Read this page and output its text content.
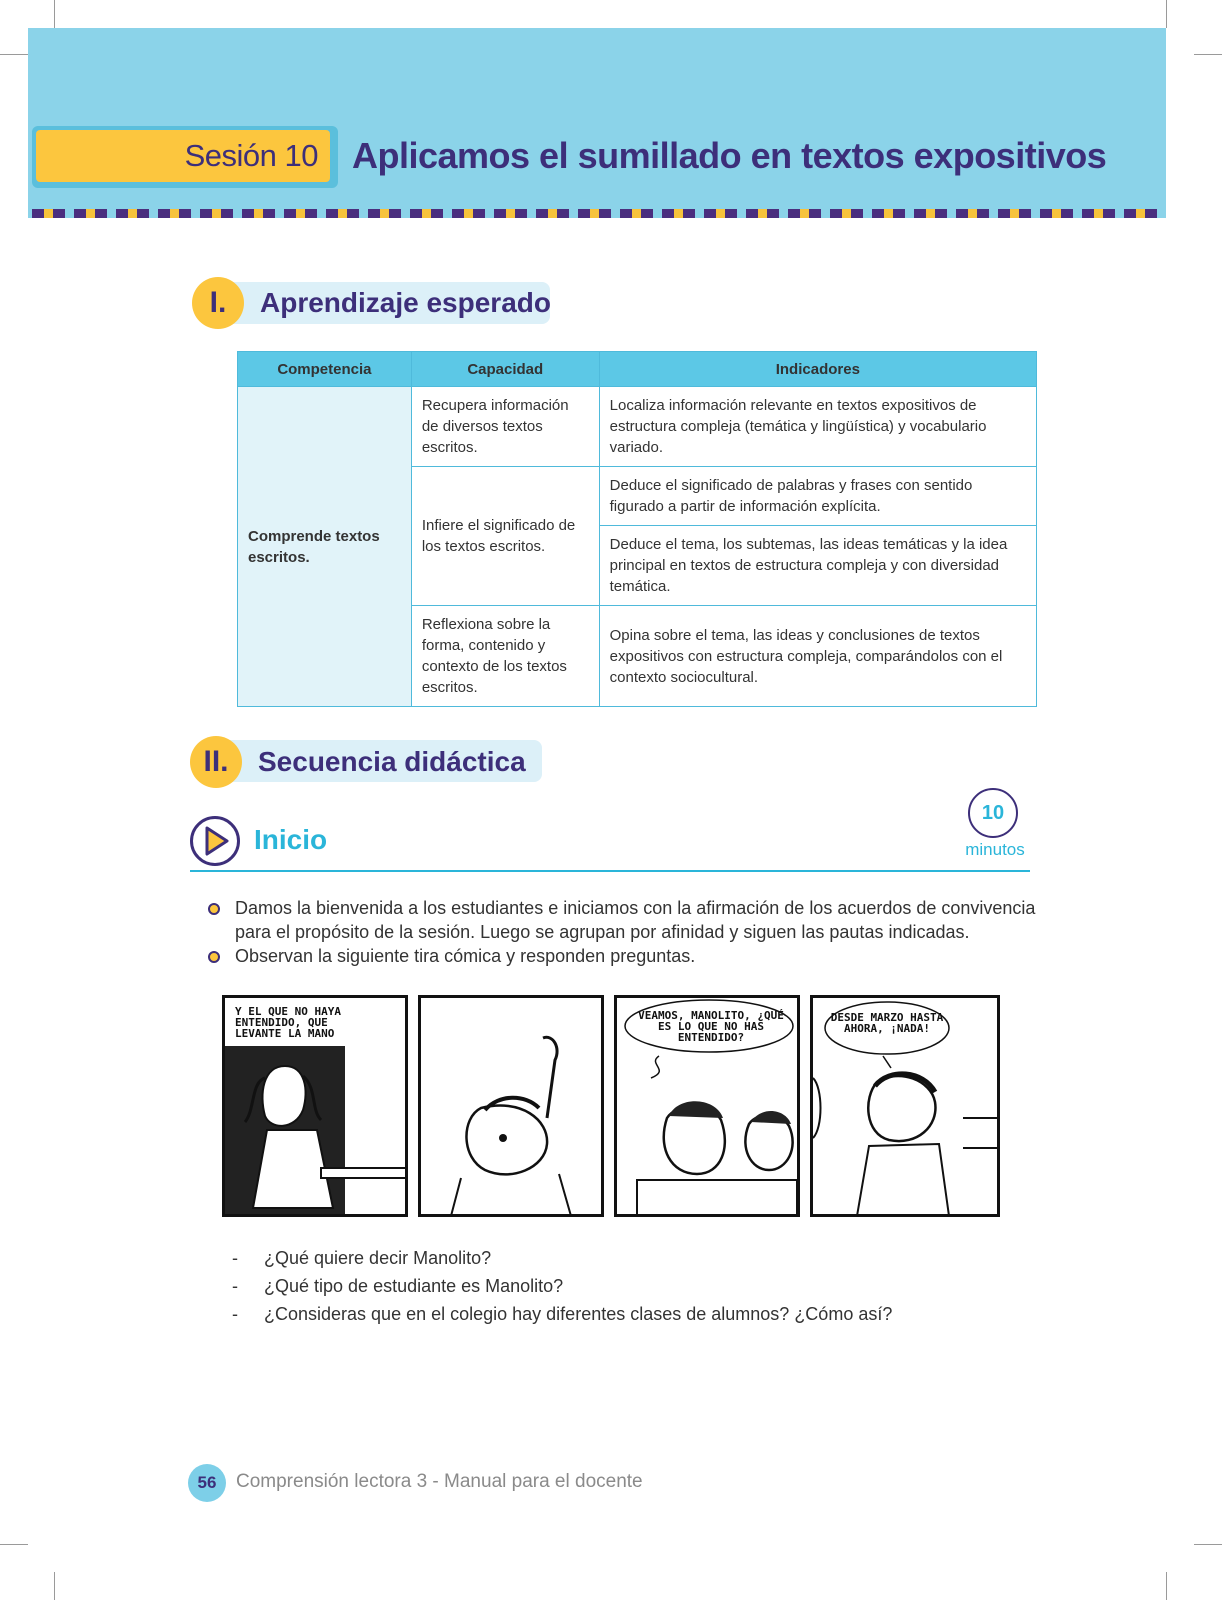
Sesión 10 Aplicamos el sumillado en textos expositivos
I.	Aprendizaje esperado
Competencia	Capacidad	Indicadores
Comprende textos escritos.	Recupera información de diversos textos escritos.	Localiza información relevante en textos expositivos de estructura compleja (temática y lingüística) y vocabulario variado.
	Infiere el significado de los textos escritos.	Deduce el significado de palabras y frases con sentido figurado a partir de información explícita.
		Deduce el tema, los subtemas, las ideas temáticas y la idea principal en textos de estructura compleja y con diversidad temática.
	Reflexiona sobre la forma, contenido y contexto de los textos escritos.	Opina sobre el tema, las ideas y conclusiones de textos expositivos con estructura compleja, comparándolos con el contexto sociocultural.
II.	Secuencia didáctica
Inicio
10
minutos
Damos la bienvenida a los estudiantes e iniciamos con la afirmación de los acuerdos de convivencia para el propósito de la sesión. Luego se agrupan por afinidad y siguen las pautas indicadas.
Observan la siguiente tira cómica y responden preguntas.
Y EL QUE NO HAYA ENTENDIDO, QUE LEVANTE LA MANO
VEAMOS, MANOLITO, ¿QUÉ ES LO QUE NO HAS ENTENDIDO?
DESDE MARZO HASTA AHORA, ¡NADA!
- ¿Qué quiere decir Manolito?
- ¿Qué tipo de estudiante es Manolito?
- ¿Consideras que en el colegio hay diferentes clases de alumnos? ¿Cómo así?
56	Comprensión lectora 3 - Manual para el docente
